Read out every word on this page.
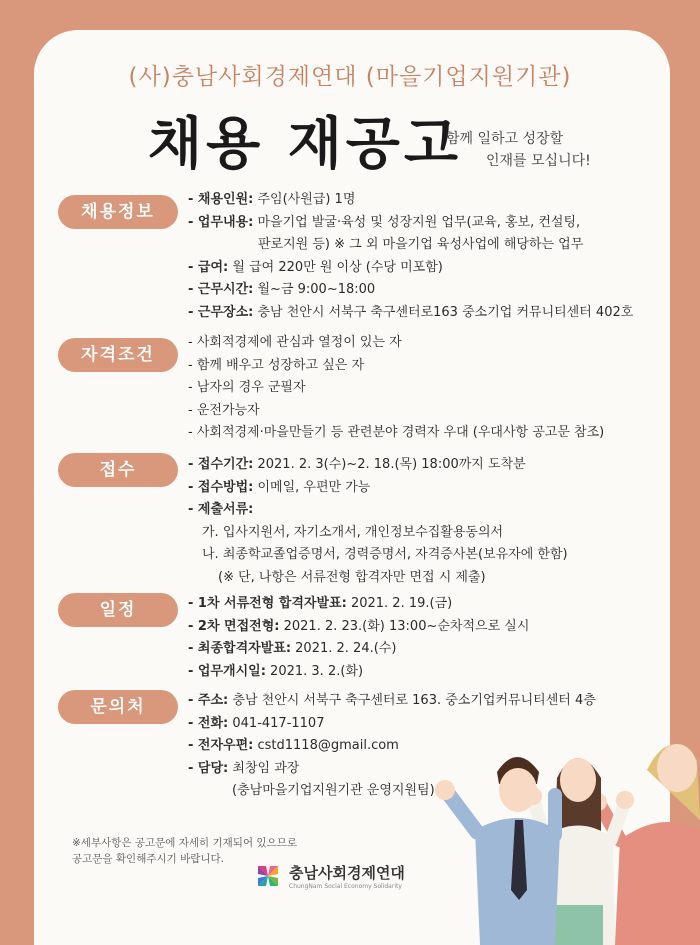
(사)충남사회경제연대 (마을기업지원기관)
채용 재공고
함께 일하고 성장할
인재를 모십니다!
채용정보
- 채용인원: 주임(사원급) 1명
- 업무내용: 마을기업 발굴·육성 및 성장지원 업무(교육, 홍보, 컨설팅,
판로지원 등) ※ 그 외 마을기업 육성사업에 해당하는 업무
- 급여: 월 급여 220만 원 이상 (수당 미포함)
- 근무시간: 월~금 9:00~18:00
- 근무장소: 충남 천안시 서북구 축구센터로163 중소기업 커뮤니티센터 402호
자격조건
- 사회적경제에 관심과 열정이 있는 자
- 함께 배우고 성장하고 싶은 자
- 남자의 경우 군필자
- 운전가능자
- 사회적경제·마을만들기 등 관련분야 경력자 우대 (우대사항 공고문 참조)
접수	- 접수기간: 2021. 2. 3(수)~2. 18.(목) 18:00까지 도착분
- 접수방법: 이메일, 우편만 가능
- 제출서류:
가. 입사지원서, 자기소개서, 개인정보수집활용동의서
나. 최종학교졸업증명서, 경력증명서, 자격증사본(보유자에 한함)
(※ 단, 나항은 서류전형 합격자만 면접 시 제출)
일정	- 1차 서류전형 합격자발표: 2021. 2. 19.(금)
- 2차 면접전형: 2021. 2. 23.(화) 13:00~순차적으로 실시
- 최종합격자발표: 2021. 2. 24.(수)
- 업무개시일: 2021. 3. 2.(화)
문의처	- 주소: 충남 천안시 서북구 축구센터로 163. 중소기업커뮤니티센터 4층
- 전화: 041-417-1107
- 전자우편: cstd1118@gmail.com
- 담당: 최창임 과장
(충남마을기업지원기관 운영지원팀)
※세부사항은 공고문에 자세히 기재되어 있으므로
공고문을 확인해주시기 바랍니다.
충남사회경제연대
ChungNam Social Economy Solidarity
